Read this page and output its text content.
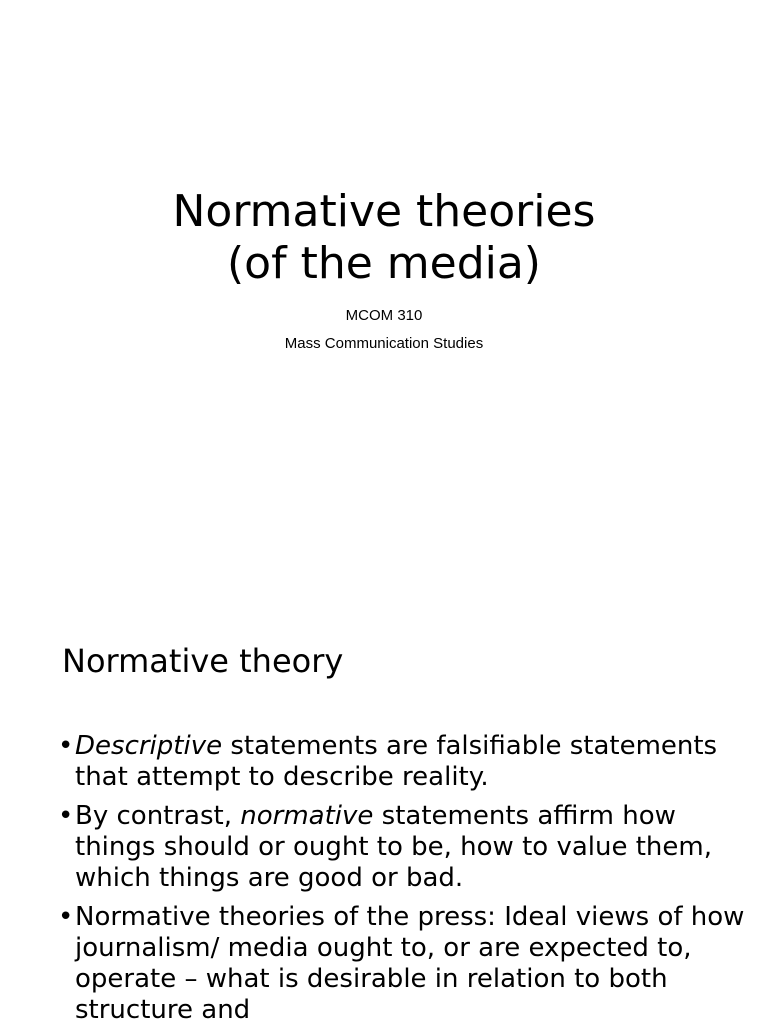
Normative theories
(of the media)
MCOM 310
Mass Communication Studies
Normative theory
• Descriptive statements are falsifiable statements that attempt to describe reality.
• By contrast, normative statements affirm how things should or ought to be, how to value them, which things are good or bad.
• Normative theories of the press: Ideal views of how journalism/ media ought to, or are expected to, operate – what is desirable in relation to both structure and
